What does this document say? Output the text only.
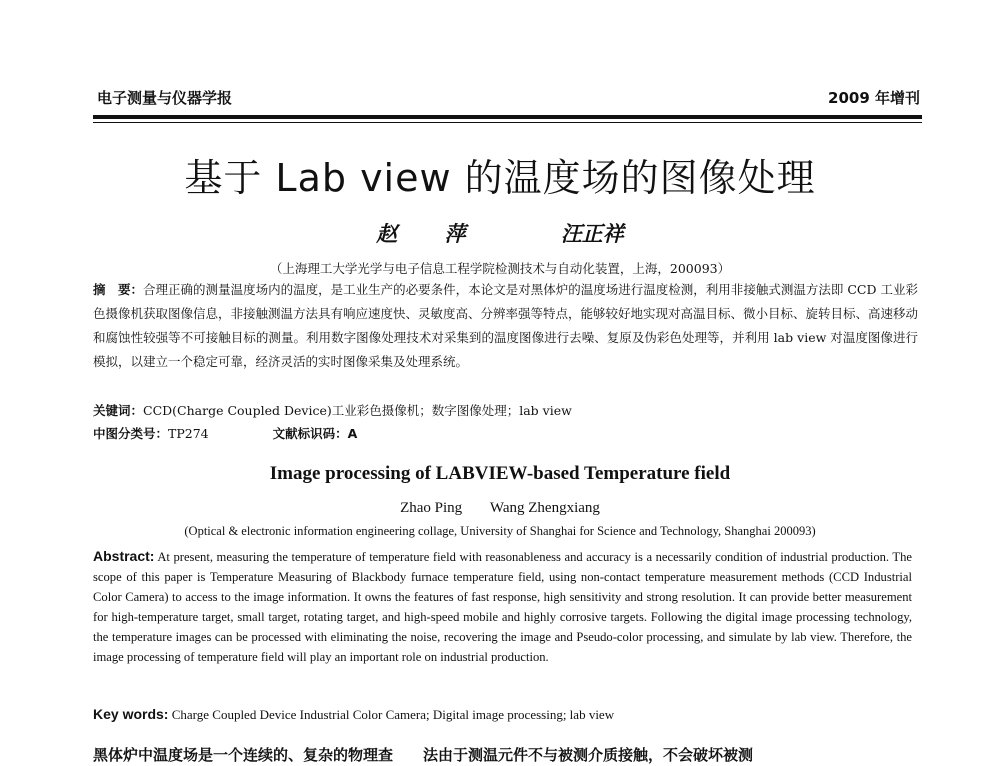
电子测量与仪器学报	2009 年增刊
基于 Lab view 的温度场的图像处理
赵 萍	汪正祥
（上海理工大学光学与电子信息工程学院检测技术与自动化装置，上海，200093）
摘　要：合理正确的测量温度场内的温度，是工业生产的必要条件，本论文是对黑体炉的温度场进行温度检测，利用非接触式测温方法即 CCD 工业彩色摄像机获取图像信息，非接触测温方法具有响应速度快、灵敏度高、分辨率强等特点，能够较好地实现对高温目标、微小目标、旋转目标、高速移动和腐蚀性较强等不可接触目标的测量。利用数字图像处理技术对采集到的温度图像进行去噪、复原及伪彩色处理等，并利用 lab view 对温度图像进行模拟，以建立一个稳定可靠，经济灵活的实时图像采集及处理系统。
关键词：CCD(Charge Coupled Device)工业彩色摄像机；数字图像处理；lab view
中图分类号：TP274	文献标识码：A
Image processing of LABVIEW-based Temperature field
Zhao Ping Wang Zhengxiang
(Optical & electronic information engineering collage, University of Shanghai for Science and Technology, Shanghai 200093)
Abstract: At present, measuring the temperature of temperature field with reasonableness and accuracy is a necessarily condition of industrial production. The scope of this paper is Temperature Measuring of Blackbody furnace temperature field, using non-contact temperature measurement methods (CCD Industrial Color Camera) to access to the image information. It owns the features of fast response, high sensitivity and strong resolution. It can provide better measurement for high-temperature target, small target, rotating target, and high-speed mobile and highly corrosive targets. Following the digital image processing technology, the temperature images can be processed with eliminating the noise, recovering the image and Pseudo-color processing, and simulate by lab view. Therefore, the image processing of temperature field will play an important role on industrial production.
Key words: Charge Coupled Device Industrial Color Camera; Digital image processing; lab view
黑体炉中温度场是一个连续的、复杂的物理查　　法由于测温元件不与被测介质接触，不会破坏被测
